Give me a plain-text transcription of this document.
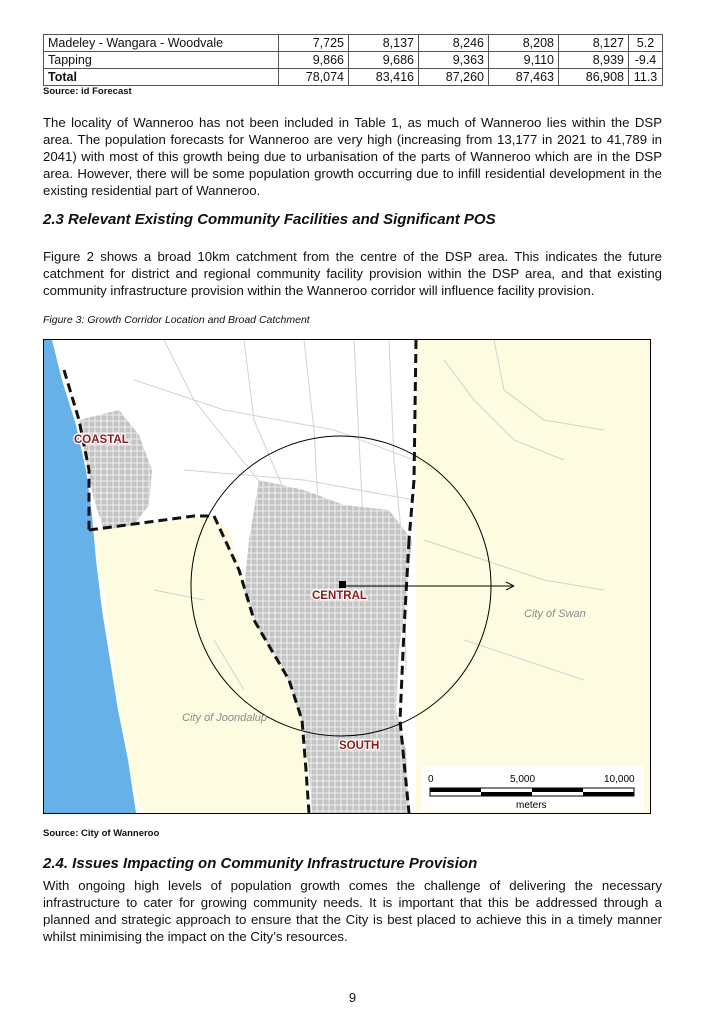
Madeley - Wangara - Woodvale	7,725	8,137	8,246	8,208	8,127	5.2
Tapping	9,866	9,686	9,363	9,110	8,939	-9.4
Total	78,074	83,416	87,260	87,463	86,908	11.3
Source: id Forecast
The locality of Wanneroo has not been included in Table 1, as much of Wanneroo lies within the DSP area. The population forecasts for Wanneroo are very high (increasing from 13,177 in 2021 to 41,789 in 2041) with most of this growth being due to urbanisation of the parts of Wanneroo which are in the DSP area. However, there will be some population growth occurring due to infill residential development in the existing residential part of Wanneroo.
2.3 Relevant Existing Community Facilities and Significant POS
Figure 2 shows a broad 10km catchment from the centre of the DSP area. This indicates the future catchment for district and regional community facility provision within the DSP area, and that existing community infrastructure provision within the Wanneroo corridor will influence facility provision.
Figure 3: Growth Corridor Location and Broad Catchment
COASTAL
CENTRAL
SOUTH
City of Swan
City of Joondalup
0	5,000	10,000
meters
Source: City of Wanneroo
2.4. Issues Impacting on Community Infrastructure Provision
With ongoing high levels of population growth comes the challenge of delivering the necessary infrastructure to cater for growing community needs. It is important that this be addressed through a planned and strategic approach to ensure that the City is best placed to achieve this in a timely manner whilst minimising the impact on the City’s resources.
9
